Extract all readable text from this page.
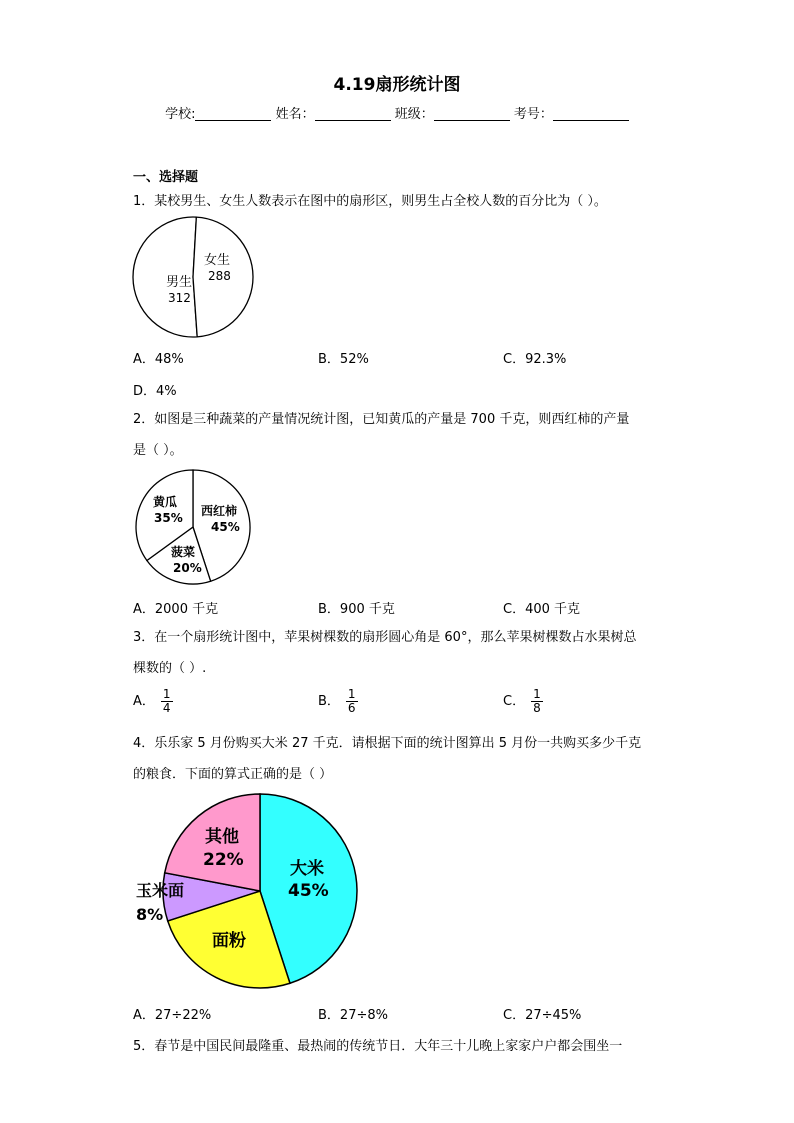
4.19扇形统计图
学校:	姓名：	班级：	考号：
一、选择题
1．某校男生、女生人数表示在图中的扇形区，则男生占全校人数的百分比为（ ）。
男生
312
女生
288
A．48%	B．52%	C．92.3%
D．4%
2．如图是三种蔬菜的产量情况统计图，已知黄瓜的产量是 700 千克，则西红柿的产量
是（ ）。
黄瓜
35% 西红柿
45%
菠菜
20%
A．2000 千克	B．900 千克	C．400 千克
3．在一个扇形统计图中，苹果树棵数的扇形圆心角是 60°，那么苹果树棵数占水果树总
棵数的（ ）.
A． $\frac{1}{4}$	B． $\frac{1}{6}$	C． $\frac{1}{8}$
4．乐乐家 5 月份购买大米 27 千克．请根据下面的统计图算出 5 月份一共购买多少千克
的粮食．下面的算式正确的是（ ）
大米
45%
其他
22%
玉米面
8%
面粉
A．27÷22%	B．27÷8%	C．27÷45%
5．春节是中国民间最隆重、最热闹的传统节日．大年三十儿晚上家家户户都会围坐一
